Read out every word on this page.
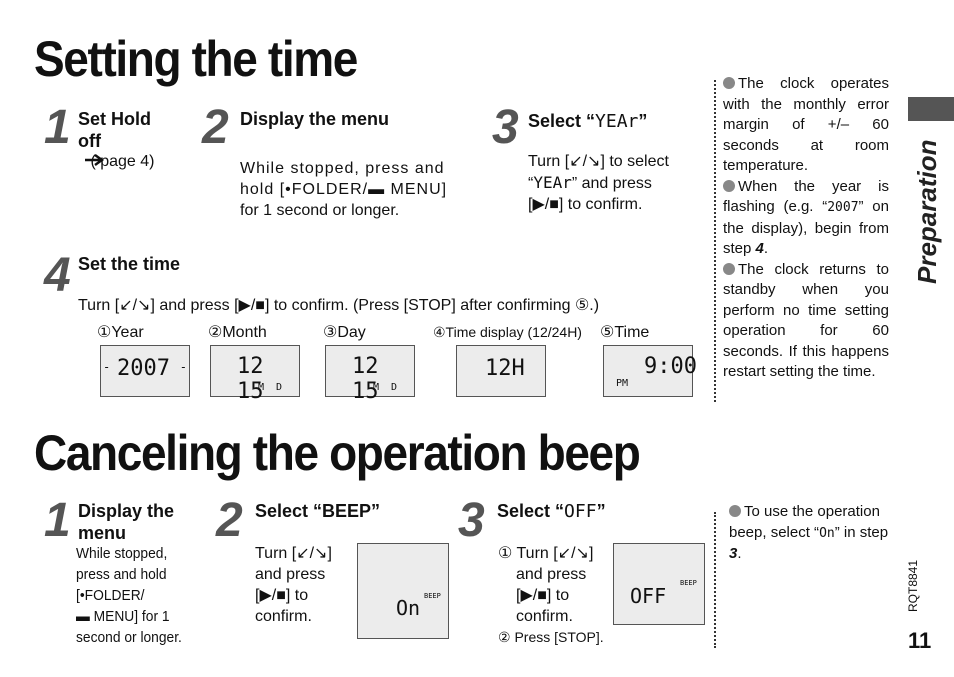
Setting the time
1 Set Hold off
( page 4)
2 Display the menu
While stopped, press and
hold [•FOLDER/▬ MENU]
for 1 second or longer.
3 Select “YEAr”
Turn [↙/↘] to select
“YEAr” and press
[▶/■] to confirm.
4 Set the time
Turn [↙/↘] and press [▶/■] to confirm. (Press [STOP] after confirming ⑤.)
①Year	②Month	③Day	④Time display (12/24H) ⑤Time
2007
-	- 12 15
M  D
12 15
M  D
12H	9:00
PM
The clock operates with the monthly error margin of +/– 60 seconds at room temperature.
When the year is flashing (e.g. “2007” on the display), begin from step 4.
The clock returns to standby when you perform no time setting operation for 60 seconds. If this happens restart setting the time.
Preparation
Canceling the operation beep
1 Display the menu
While stopped,
press and hold
[•FOLDER/
▬ MENU] for 1
second or longer.
2 Select “BEEP”
Turn [↙/↘]
and press
[▶/■] to
confirm.	On BEEP
3 Select “OFF”
① Turn [↙/↘]
and press
[▶/■] to
confirm.
② Press [STOP].
OFF
BEEP
To use the operation beep, select “On” in step 3.
RQT8841
11
